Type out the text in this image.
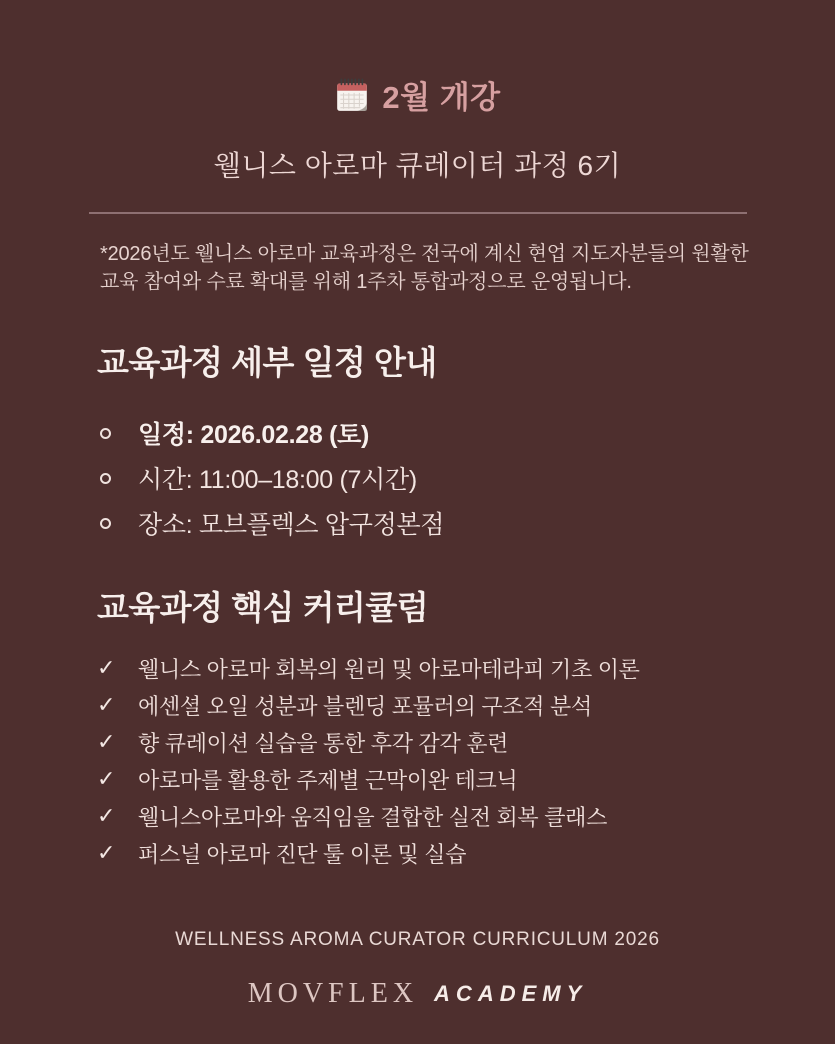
2월 개강
웰니스 아로마 큐레이터 과정 6기
*2026년도 웰니스 아로마 교육과정은 전국에 계신 현업 지도자분들의 원활한
교육 참여와 수료 확대를 위해 1주차 통합과정으로 운영됩니다.
교육과정 세부 일정 안내
일정: 2026.02.28 (토)
시간: 11:00–18:00 (7시간)
장소: 모브플렉스 압구정본점
교육과정 핵심 커리큘럼
✓ 웰니스 아로마 회복의 원리 및 아로마테라피 기초 이론
✓ 에센셜 오일 성분과 블렌딩 포뮬러의 구조적 분석
✓ 향 큐레이션 실습을 통한 후각 감각 훈련
✓ 아로마를 활용한 주제별 근막이완 테크닉
✓ 웰니스아로마와 움직임을 결합한 실전 회복 클래스
✓ 퍼스널 아로마 진단 툴 이론 및 실습
WELLNESS AROMA CURATOR CURRICULUM 2026
MOVFLEX ACADEMY
